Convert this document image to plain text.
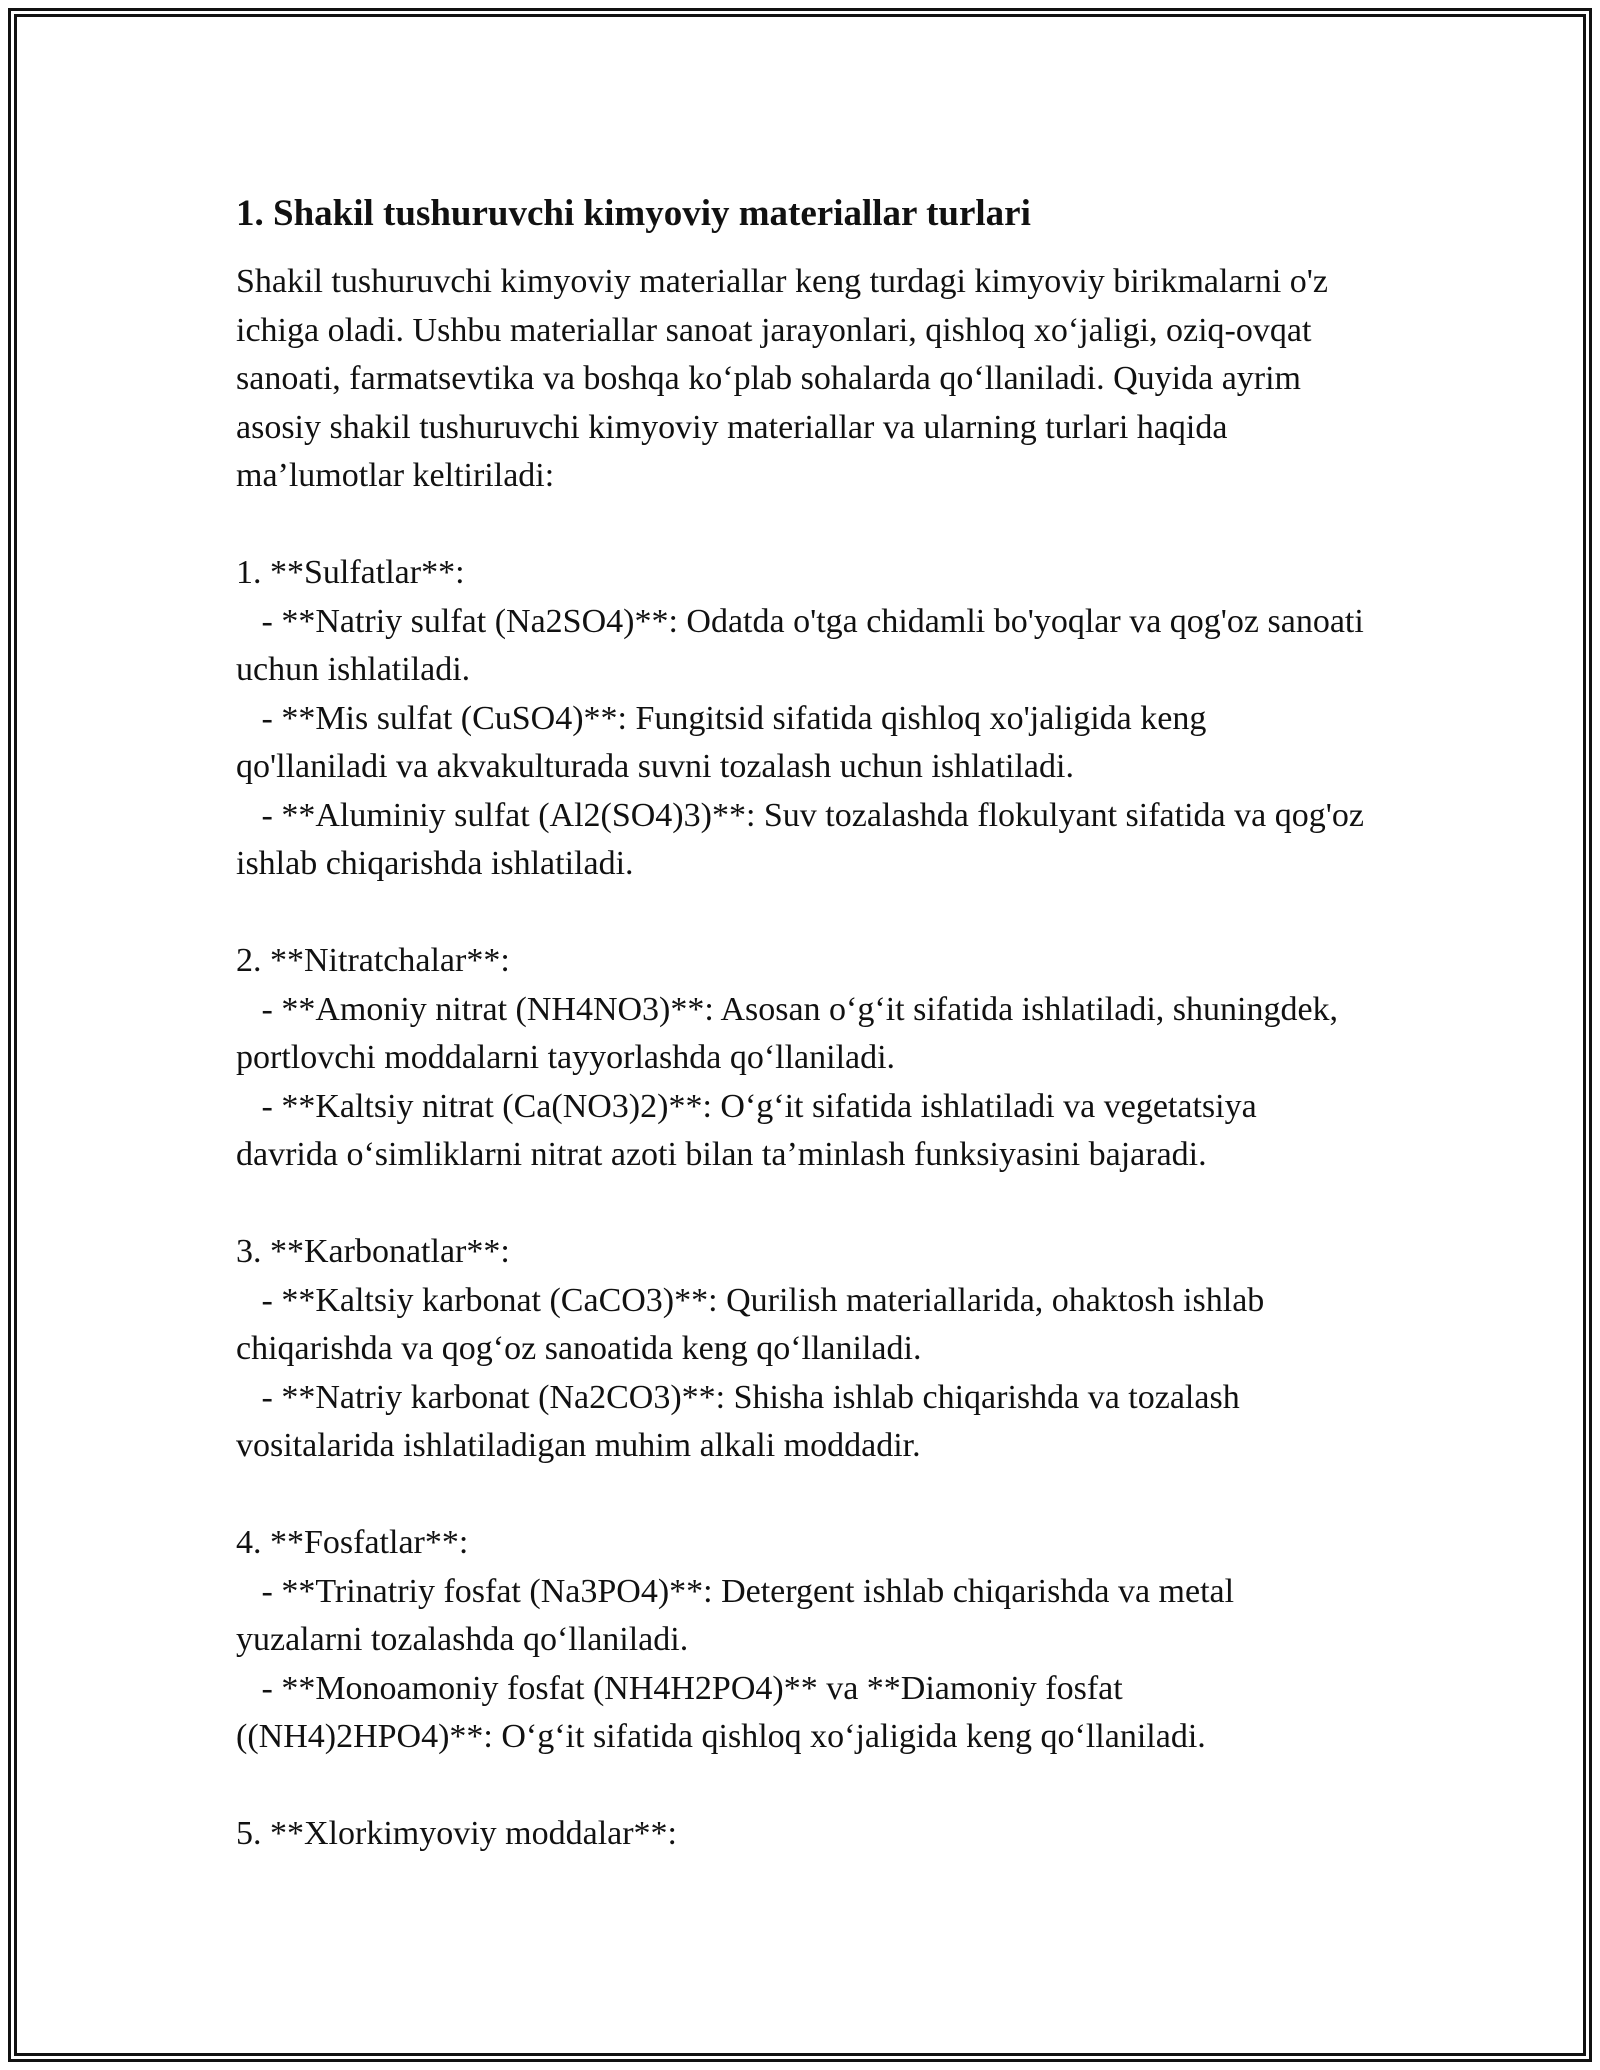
1. Shakil tushuruvchi kimyoviy materiallar turlari

Shakil tushuruvchi kimyoviy materiallar keng turdagi kimyoviy birikmalarni o'z ichiga oladi. Ushbu materiallar sanoat jarayonlari, qishloq xo‘jaligi, oziq-ovqat sanoati, farmatsevtika va boshqa ko‘plab sohalarda qo‘llaniladi. Quyida ayrim asosiy shakil tushuruvchi kimyoviy materiallar va ularning turlari haqida ma’lumotlar keltiriladi:

1. **Sulfatlar**:

- **Natriy sulfat (Na2SO4)**: Odatda o'tga chidamli bo'yoqlar va qog'oz sanoati uchun ishlatiladi.

- **Mis sulfat (CuSO4)**: Fungitsid sifatida qishloq xo'jaligida keng qo'llaniladi va akvakulturada suvni tozalash uchun ishlatiladi.

- **Aluminiy sulfat (Al2(SO4)3)**: Suv tozalashda flokulyant sifatida va qog'oz ishlab chiqarishda ishlatiladi.

2. **Nitratchalar**:

- **Amoniy nitrat (NH4NO3)**: Asosan o‘g‘it sifatida ishlatiladi, shuningdek, portlovchi moddalarni tayyorlashda qo‘llaniladi.

- **Kaltsiy nitrat (Ca(NO3)2)**: O‘g‘it sifatida ishlatiladi va vegetatsiya davrida o‘simliklarni nitrat azoti bilan ta’minlash funksiyasini bajaradi.

3. **Karbonatlar**:

- **Kaltsiy karbonat (CaCO3)**: Qurilish materiallarida, ohaktosh ishlab chiqarishda va qog‘oz sanoatida keng qo‘llaniladi.

- **Natriy karbonat (Na2CO3)**: Shisha ishlab chiqarishda va tozalash vositalarida ishlatiladigan muhim alkali moddadir.

4. **Fosfatlar**:

- **Trinatriy fosfat (Na3PO4)**: Detergent ishlab chiqarishda va metal yuzalarni tozalashda qo‘llaniladi.

- **Monoamoniy fosfat (NH4H2PO4)** va **Diamoniy fosfat ((NH4)2HPO4)**: O‘g‘it sifatida qishloq xo‘jaligida keng qo‘llaniladi.

5. **Xlorkimyoviy moddalar**:
